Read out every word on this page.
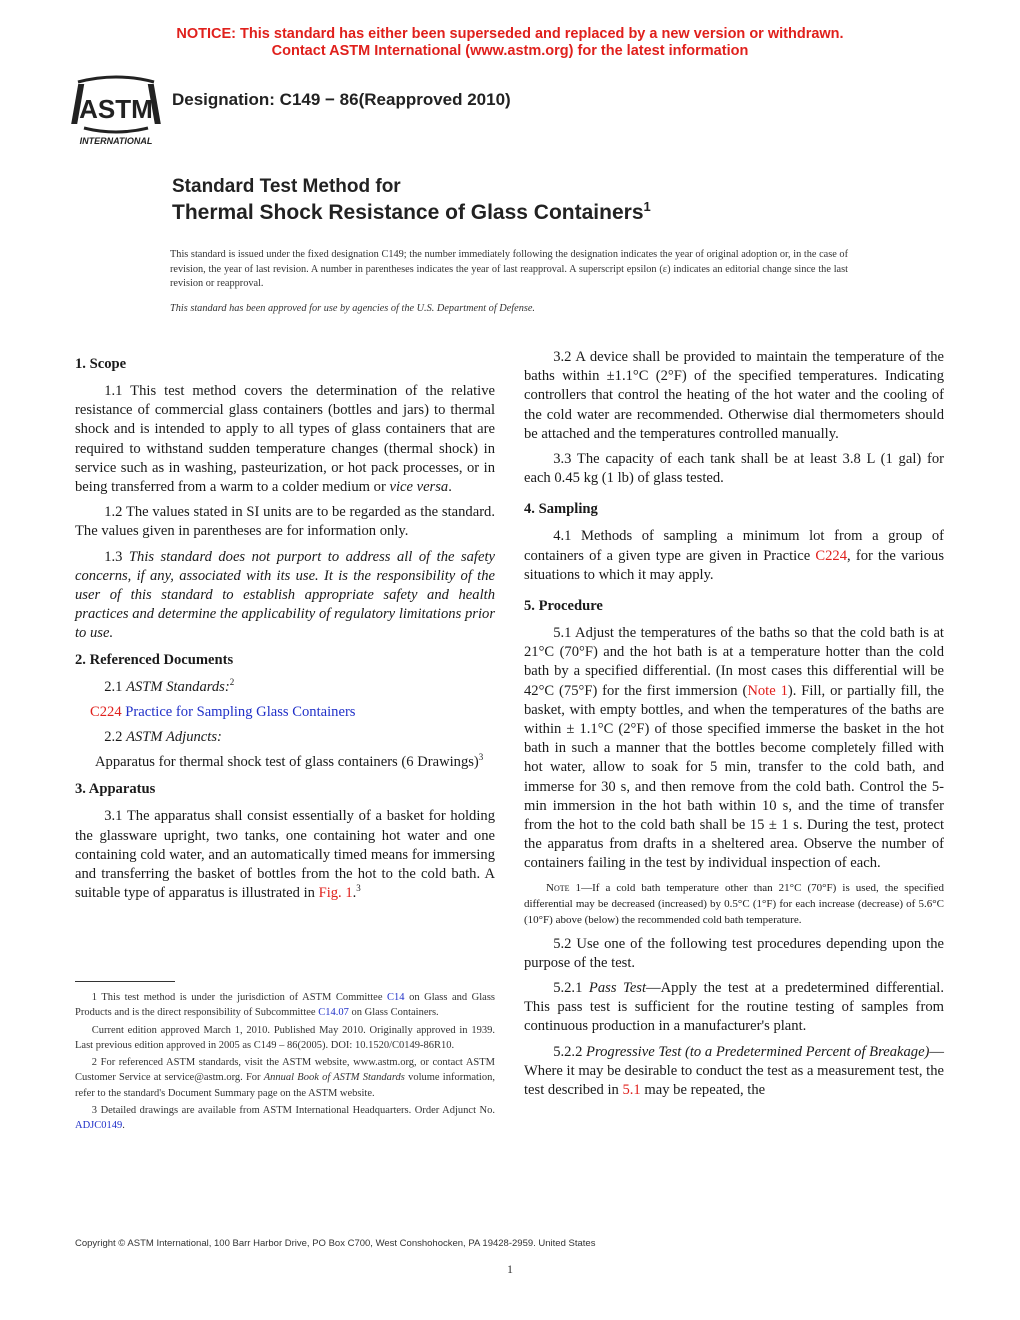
NOTICE: This standard has either been superseded and replaced by a new version or withdrawn.
Contact ASTM International (www.astm.org) for the latest information
ASTM
INTERNATIONAL
Designation: C149 − 86(Reapproved 2010)
Standard Test Method for
Thermal Shock Resistance of Glass Containers$^1$
This standard is issued under the fixed designation C149; the number immediately following the designation indicates the year of original adoption or, in the case of revision, the year of last revision. A number in parentheses indicates the year of last reapproval. A superscript epsilon (ε) indicates an editorial change since the last revision or reapproval.
This standard has been approved for use by agencies of the U.S. Department of Defense.
1. Scope

1.1 This test method covers the determination of the relative resistance of commercial glass containers (bottles and jars) to thermal shock and is intended to apply to all types of glass containers that are required to withstand sudden temperature changes (thermal shock) in service such as in washing, pasteurization, or hot pack processes, or in being transferred from a warm to a colder medium or vice versa.

1.2 The values stated in SI units are to be regarded as the standard. The values given in parentheses are for information only.

1.3 This standard does not purport to address all of the safety concerns, if any, associated with its use. It is the responsibility of the user of this standard to establish appropriate safety and health practices and determine the applicability of regulatory limitations prior to use.

2. Referenced Documents

2.1 ASTM Standards:$^2$

C224 Practice for Sampling Glass Containers

2.2 ASTM Adjuncts:

Apparatus for thermal shock test of glass containers (6 Drawings)$^3$

3. Apparatus

3.1 The apparatus shall consist essentially of a basket for holding the glassware upright, two tanks, one containing hot water and one containing cold water, and an automatically timed means for immersing and transferring the basket of bottles from the hot to the cold bath. A suitable type of apparatus is illustrated in Fig. 1.$^3$

1 This test method is under the jurisdiction of ASTM Committee C14 on Glass and Glass Products and is the direct responsibility of Subcommittee C14.07 on Glass Containers.

Current edition approved March 1, 2010. Published May 2010. Originally approved in 1939. Last previous edition approved in 2005 as C149 – 86(2005). DOI: 10.1520/C0149-86R10.

2 For referenced ASTM standards, visit the ASTM website, www.astm.org, or contact ASTM Customer Service at service@astm.org. For Annual Book of ASTM Standards volume information, refer to the standard's Document Summary page on the ASTM website.

3 Detailed drawings are available from ASTM International Headquarters. Order Adjunct No. ADJC0149.

3.2 A device shall be provided to maintain the temperature of the baths within ±1.1°C (2°F) of the specified temperatures. Indicating controllers that control the heating of the hot water and the cooling of the cold water are recommended. Otherwise dial thermometers should be attached and the temperatures controlled manually.

3.3 The capacity of each tank shall be at least 3.8 L (1 gal) for each 0.45 kg (1 lb) of glass tested.

4. Sampling

4.1 Methods of sampling a minimum lot from a group of containers of a given type are given in Practice C224, for the various situations to which it may apply.

5. Procedure

5.1 Adjust the temperatures of the baths so that the cold bath is at 21°C (70°F) and the hot bath is at a temperature hotter than the cold bath by a specified differential. (In most cases this differential will be 42°C (75°F) for the first immersion (Note 1). Fill, or partially fill, the basket, with empty bottles, and when the temperatures of the baths are within ± 1.1°C (2°F) of those specified immerse the basket in the hot bath in such a manner that the bottles become completely filled with hot water, allow to soak for 5 min, transfer to the cold bath, and immerse for 30 s, and then remove from the cold bath. Control the 5-min immersion in the hot bath within 10 s, and the time of transfer from the hot to the cold bath shall be 15 ± 1 s. During the test, protect the apparatus from drafts in a sheltered area. Observe the number of containers failing in the test by individual inspection of each.

Note 1—If a cold bath temperature other than 21°C (70°F) is used, the specified differential may be decreased (increased) by 0.5°C (1°F) for each increase (decrease) of 5.6°C (10°F) above (below) the recommended cold bath temperature.

5.2 Use one of the following test procedures depending upon the purpose of the test.

5.2.1 Pass Test—Apply the test at a predetermined differential. This pass test is sufficient for the routine testing of samples from continuous production in a manufacturer's plant.

5.2.2 Progressive Test (to a Predetermined Percent of Breakage)—Where it may be desirable to conduct the test as a measurement test, the test described in 5.1 may be repeated, the

Copyright © ASTM International, 100 Barr Harbor Drive, PO Box C700, West Conshohocken, PA 19428-2959. United States
1
